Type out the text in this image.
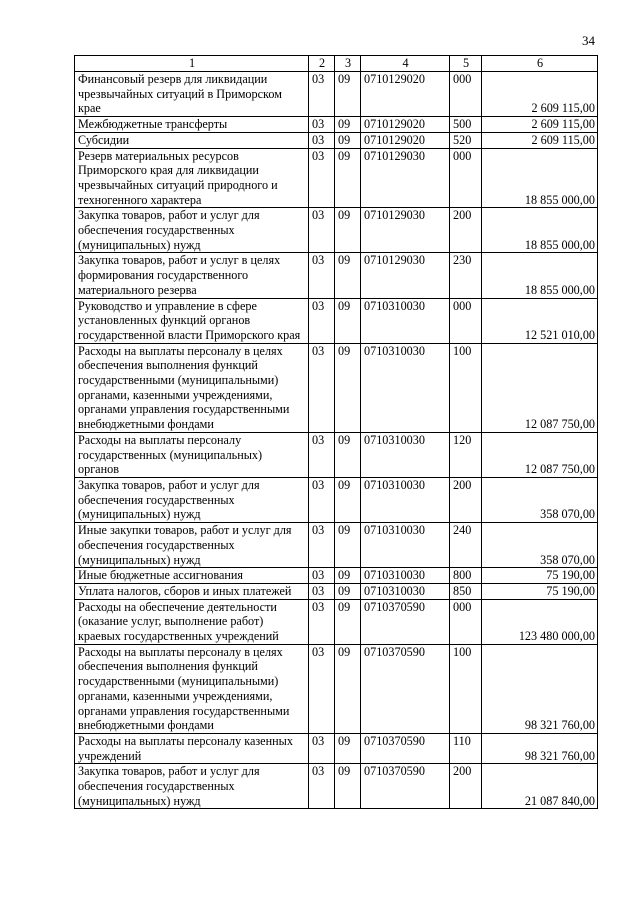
34
1	2	3	4	5	6
Финансовый резерв для ликвидации чрезвычайных ситуаций в Приморском крае	03	09	0710129020	000	2 609 115,00
Межбюджетные трансферты	03	09	0710129020	500	2 609 115,00
Субсидии	03	09	0710129020	520	2 609 115,00
Резерв материальных ресурсов Приморского края для ликвидации чрезвычайных ситуаций природного и техногенного характера	03	09	0710129030	000	18 855 000,00
Закупка товаров, работ и услуг для обеспечения государственных (муниципальных) нужд	03	09	0710129030	200	18 855 000,00
Закупка товаров, работ и услуг в целях формирования государственного материального резерва	03	09	0710129030	230	18 855 000,00
Руководство и управление в сфере установленных функций органов государственной власти Приморского края	03	09	0710310030	000	12 521 010,00
Расходы на выплаты персоналу в целях обеспечения выполнения функций государственными (муниципальными) органами, казенными учреждениями, органами управления государственными внебюджетными фондами	03	09	0710310030	100	12 087 750,00
Расходы на выплаты персоналу государственных (муниципальных) органов	03	09	0710310030	120	12 087 750,00
Закупка товаров, работ и услуг для обеспечения государственных (муниципальных) нужд	03	09	0710310030	200	358 070,00
Иные закупки товаров, работ и услуг для обеспечения государственных (муниципальных) нужд	03	09	0710310030	240	358 070,00
Иные бюджетные ассигнования	03	09	0710310030	800	75 190,00
Уплата налогов, сборов и иных платежей	03	09	0710310030	850	75 190,00
Расходы на обеспечение деятельности (оказание услуг, выполнение работ) краевых государственных учреждений	03	09	0710370590	000	123 480 000,00
Расходы на выплаты персоналу в целях обеспечения выполнения функций государственными (муниципальными) органами, казенными учреждениями, органами управления государственными внебюджетными фондами	03	09	0710370590	100	98 321 760,00
Расходы на выплаты персоналу казенных учреждений	03	09	0710370590	110	98 321 760,00
Закупка товаров, работ и услуг для обеспечения государственных (муниципальных) нужд	03	09	0710370590	200	21 087 840,00
